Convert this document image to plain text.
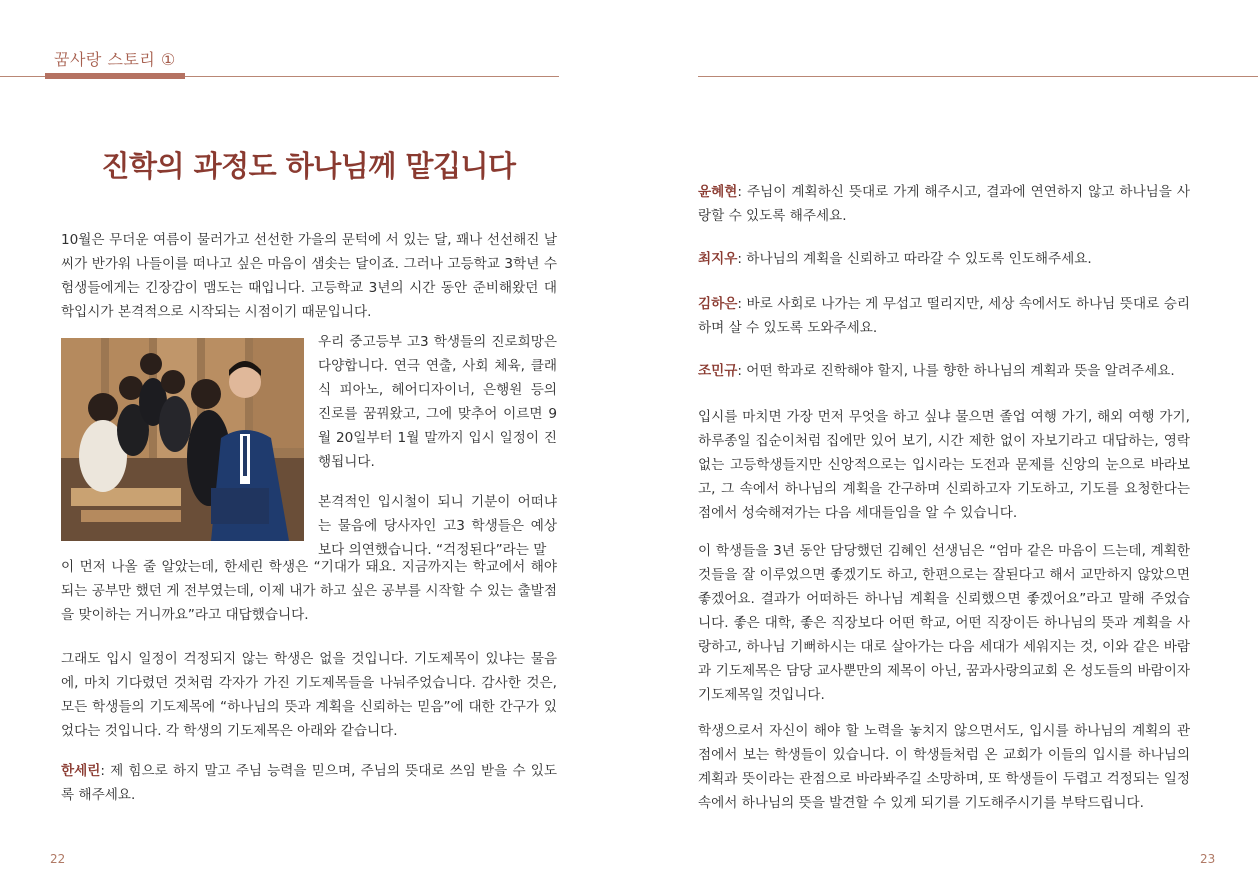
꿈사랑 스토리 ①
진학의 과정도 하나님께 맡깁니다

10월은 무더운 여름이 물러가고 선선한 가을의 문턱에 서 있는 달, 꽤나 선선해진 날씨가 반가워 나들이를 떠나고 싶은 마음이 샘솟는 달이죠. 그러나 고등학교 3학년 수험생들에게는 긴장감이 맴도는 때입니다. 고등학교 3년의 시간 동안 준비해왔던 대학입시가 본격적으로 시작되는 시점이기 때문입니다.

우리 중고등부 고3 학생들의 진로희망은 다양합니다. 연극 연출, 사회 체육, 클래식 피아노, 헤어디자이너, 은행원 등의 진로를 꿈꿔왔고, 그에 맞추어 이르면 9월 20일부터 1월 말까지 입시 일정이 진행됩니다.

본격적인 입시철이 되니 기분이 어떠냐는 물음에 당사자인 고3 학생들은 예상보다 의연했습니다. “걱정된다”라는 말

이 먼저 나올 줄 알았는데, 한세린 학생은 “기대가 돼요. 지금까지는 학교에서 해야 되는 공부만 했던 게 전부였는데, 이제 내가 하고 싶은 공부를 시작할 수 있는 출발점을 맞이하는 거니까요”라고 대답했습니다.

그래도 입시 일정이 걱정되지 않는 학생은 없을 것입니다. 기도제목이 있냐는 물음에, 마치 기다렸던 것처럼 각자가 가진 기도제목들을 나눠주었습니다. 감사한 것은, 모든 학생들의 기도제목에 “하나님의 뜻과 계획을 신뢰하는 믿음”에 대한 간구가 있었다는 것입니다. 각 학생의 기도제목은 아래와 같습니다.

한세린: 제 힘으로 하지 말고 주님 능력을 믿으며, 주님의 뜻대로 쓰임 받을 수 있도록 해주세요.

22

윤혜현: 주님이 계획하신 뜻대로 가게 해주시고, 결과에 연연하지 않고 하나님을 사랑할 수 있도록 해주세요.

최지우: 하나님의 계획을 신뢰하고 따라갈 수 있도록 인도해주세요.

김하은: 바로 사회로 나가는 게 무섭고 떨리지만, 세상 속에서도 하나님 뜻대로 승리하며 살 수 있도록 도와주세요.

조민규: 어떤 학과로 진학해야 할지, 나를 향한 하나님의 계획과 뜻을 알려주세요.

입시를 마치면 가장 먼저 무엇을 하고 싶냐 물으면 졸업 여행 가기, 해외 여행 가기, 하루종일 집순이처럼 집에만 있어 보기, 시간 제한 없이 자보기라고 대답하는, 영락없는 고등학생들지만 신앙적으로는 입시라는 도전과 문제를 신앙의 눈으로 바라보고, 그 속에서 하나님의 계획을 간구하며 신뢰하고자 기도하고, 기도를 요청한다는 점에서 성숙해져가는 다음 세대들임을 알 수 있습니다.

이 학생들을 3년 동안 담당했던 김혜인 선생님은 “엄마 같은 마음이 드는데, 계획한 것들을 잘 이루었으면 좋겠기도 하고, 한편으로는 잘된다고 해서 교만하지 않았으면 좋겠어요. 결과가 어떠하든 하나님 계획을 신뢰했으면 좋겠어요”라고 말해 주었습니다. 좋은 대학, 좋은 직장보다 어떤 학교, 어떤 직장이든 하나님의 뜻과 계획을 사랑하고, 하나님 기뻐하시는 대로 살아가는 다음 세대가 세워지는 것, 이와 같은 바람과 기도제목은 담당 교사뿐만의 제목이 아닌, 꿈과사랑의교회 온 성도들의 바람이자 기도제목일 것입니다.

학생으로서 자신이 해야 할 노력을 놓치지 않으면서도, 입시를 하나님의 계획의 관점에서 보는 학생들이 있습니다. 이 학생들처럼 온 교회가 이들의 입시를 하나님의 계획과 뜻이라는 관점으로 바라봐주길 소망하며, 또 학생들이 두렵고 걱정되는 일정 속에서 하나님의 뜻을 발견할 수 있게 되기를 기도해주시기를 부탁드립니다.

23
